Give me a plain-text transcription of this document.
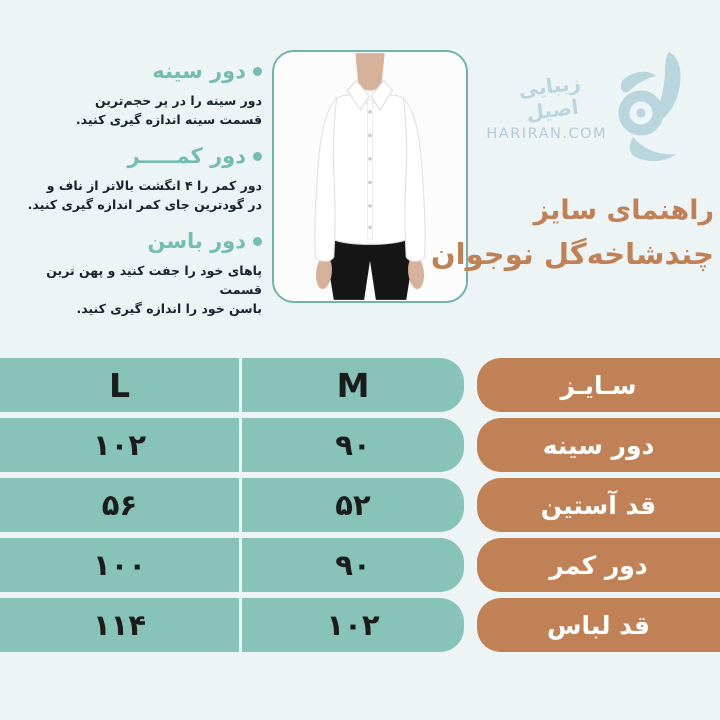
دور سینه
دور سینه را در پر حجم‌ترین
قسمت سینه اندازه گیری کنید.
دور کمـــــر
دور کمر را ۴ انگشت بالاتر از ناف و
در گودترین جای کمر اندازه گیری کنید.
دور باسن
پاهای خود را جفت کنید و پهن ترین قسمت
باسن خود را اندازه گیری کنید.
زیبایی اصیل
HARIRAN.COM
راهنمای سایز
چندشاخه‌گل نوجوان
L	M	سـایـز
۱۰۲	۹۰	دور سینه
۵۶	۵۲	قد آستین
۱۰۰	۹۰	دور کمر
۱۱۴	۱۰۲	قد لباس
